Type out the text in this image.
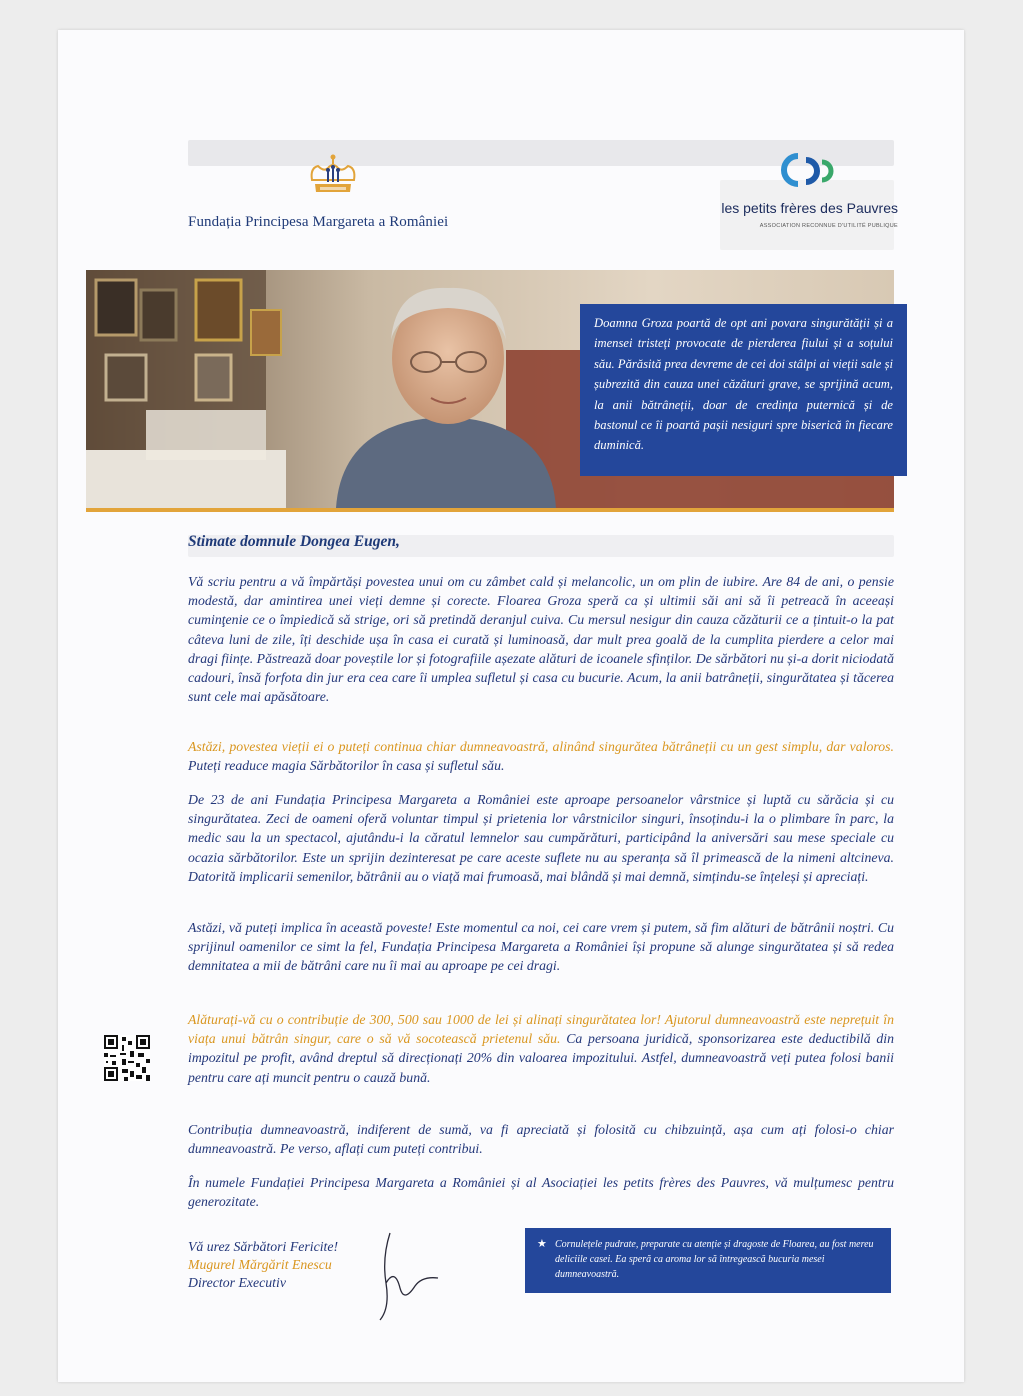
Fundația Principesa Margareta a României
les petits frères des Pauvres
ASSOCIATION RECONNUE D'UTILITÉ PUBLIQUE
Doamna Groza poartă de opt ani povara singurătății și a imensei tristeți provocate de pierderea fiului și a soțului său. Părăsită prea devreme de cei doi stâlpi ai vieții sale și șubrezită din cauza unei căzături grave, se sprijină acum, la anii bătrâneții, doar de credința puternică și de bastonul ce îi poartă pașii nesiguri spre biserică în fiecare duminică.
Stimate domnule Dongea Eugen,

Vă scriu pentru a vă împărtăși povestea unui om cu zâmbet cald și melancolic, un om plin de iubire. Are 84 de ani, o pensie modestă, dar amintirea unei vieți demne și corecte. Floarea Groza speră ca și ultimii săi ani să îi petreacă în aceeași cuminţenie ce o împiedică să strige, ori să pretindă deranjul cuiva. Cu mersul nesigur din cauza căzăturii ce a țintuit-o la pat câteva luni de zile, îți deschide ușa în casa ei curată și luminoasă, dar mult prea goală de la cumplita pierdere a celor mai dragi ființe. Păstrează doar poveștile lor și fotografiile așezate alături de icoanele sfinților. De sărbători nu și-a dorit niciodată cadouri, însă forfota din jur era cea care îi umplea sufletul și casa cu bucurie. Acum, la anii batrâneții, singurătatea și tăcerea sunt cele mai apăsătoare.

Astăzi, povestea vieții ei o puteți continua chiar dumneavoastră, alinând singurătea bătrâneții cu un gest simplu, dar valoros. Puteți readuce magia Sărbătorilor în casa și sufletul său.

De 23 de ani Fundația Principesa Margareta a României este aproape persoanelor vârstnice și luptă cu sărăcia și cu singurătatea. Zeci de oameni oferă voluntar timpul și prietenia lor vârstnicilor singuri, însoțindu-i la o plimbare în parc, la medic sau la un spectacol, ajutându-i la căratul lemnelor sau cumpărături, participând la aniversări sau mese speciale cu ocazia sărbătorilor. Este un sprijin dezinteresat pe care aceste suflete nu au speranța să îl primească de la nimeni altcineva. Datorită implicarii semenilor, bătrânii au o viață mai frumoasă, mai blândă și mai demnă, simțindu-se înțeleși și apreciați.

Astăzi, vă puteți implica în această poveste! Este momentul ca noi, cei care vrem și putem, să fim alături de bătrânii noștri. Cu sprijinul oamenilor ce simt la fel, Fundația Principesa Margareta a României își propune să alunge singurătatea și să redea demnitatea a mii de bătrâni care nu îi mai au aproape pe cei dragi.

Alăturați-vă cu o contribuție de 300, 500 sau 1000 de lei și alinați singurătatea lor! Ajutorul dumneavoastră este neprețuit în viața unui bătrân singur, care o să vă socotească prietenul său. Ca persoana juridică, sponsorizarea este deductibilă din impozitul pe profit, având dreptul să direcționați 20% din valoarea impozitului. Astfel, dumneavoastră veți putea folosi banii pentru care ați muncit pentru o cauză bună.

Contribuția dumneavoastră, indiferent de sumă, va fi apreciată și folosită cu chibzuință, așa cum ați folosi-o chiar dumneavoastră. Pe verso, aflați cum puteți contribui.

În numele Fundației Principesa Margareta a României și al Asociației les petits frères des Pauvres, vă mulțumesc pentru generozitate.

Vă urez Sărbători Fericite!
Mugurel Mărgărit Enescu
Director Executiv
★ Cornulețele pudrate, preparate cu atenție și dragoste de Floarea, au fost mereu deliciile casei. Ea speră ca aroma lor să întregească bucuria mesei dumneavoastră.
